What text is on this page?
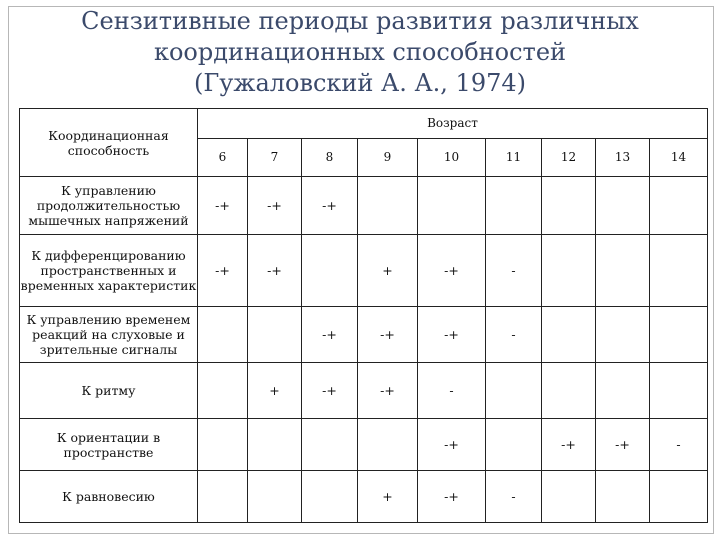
Сензитивные периоды развития различных
координационных способностей
(Гужаловский А. А., 1974)
Координационная способность	Возраст								
	6	7	8	9	10	11	12	13	14
К управлению продолжительностью мышечных напряжений	-+	-+	-+						
К дифференцированию пространственных и временных характеристик	-+	-+		+	-+	-			
К управлению временем реакций на слуховые и зрительные сигналы			-+	-+	-+	-			
К ритму		+	-+	-+	-				
К ориентации в пространстве					-+		-+	-+	-
К равновесию				+	-+	-			
